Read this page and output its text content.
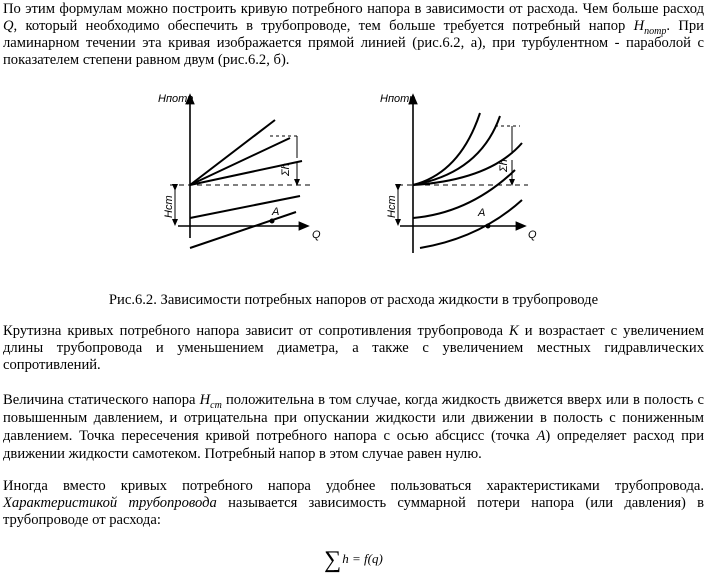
По этим формулам можно построить кривую потребного напора в зависимости от расхода. Чем больше расход Q, который необходимо обеспечить в трубопроводе, тем больше требуется потребный напор $H_{потр}$. При ламинарном течении эта кривая изображается прямой линией (рис.6.2, а), при турбулентном - параболой с показателем степени равном двум (рис.6.2, б).

Рис.6.2. Зависимости потребных напоров от расхода жидкости в трубопроводе

Крутизна кривых потребного напора зависит от сопротивления трубопровода K и возрастает с увеличением длины трубопровода и уменьшением диаметра, а также с увеличением местных гидравлических сопротивлений.

Величина статического напора $H_{ст}$ положительна в том случае, когда жидкость движется вверх или в полость с повышенным давлением, и отрицательна при опускании жидкости или движении в полость с пониженным давлением. Точка пересечения кривой потребного напора с осью абсцисс (точка A) определяет расход при движении жидкости самотеком. Потребный напор в этом случае равен нулю.

Иногда вместо кривых потребного напора удобнее пользоваться характеристиками трубопровода. Характеристикой трубопровода называется зависимость суммарной потери напора (или давления) в трубопроводе от расхода:

∑h = f(q)
Hпотр
Q
A
Hст
Σh
Hпотр
Q
A
Hст
Σh
